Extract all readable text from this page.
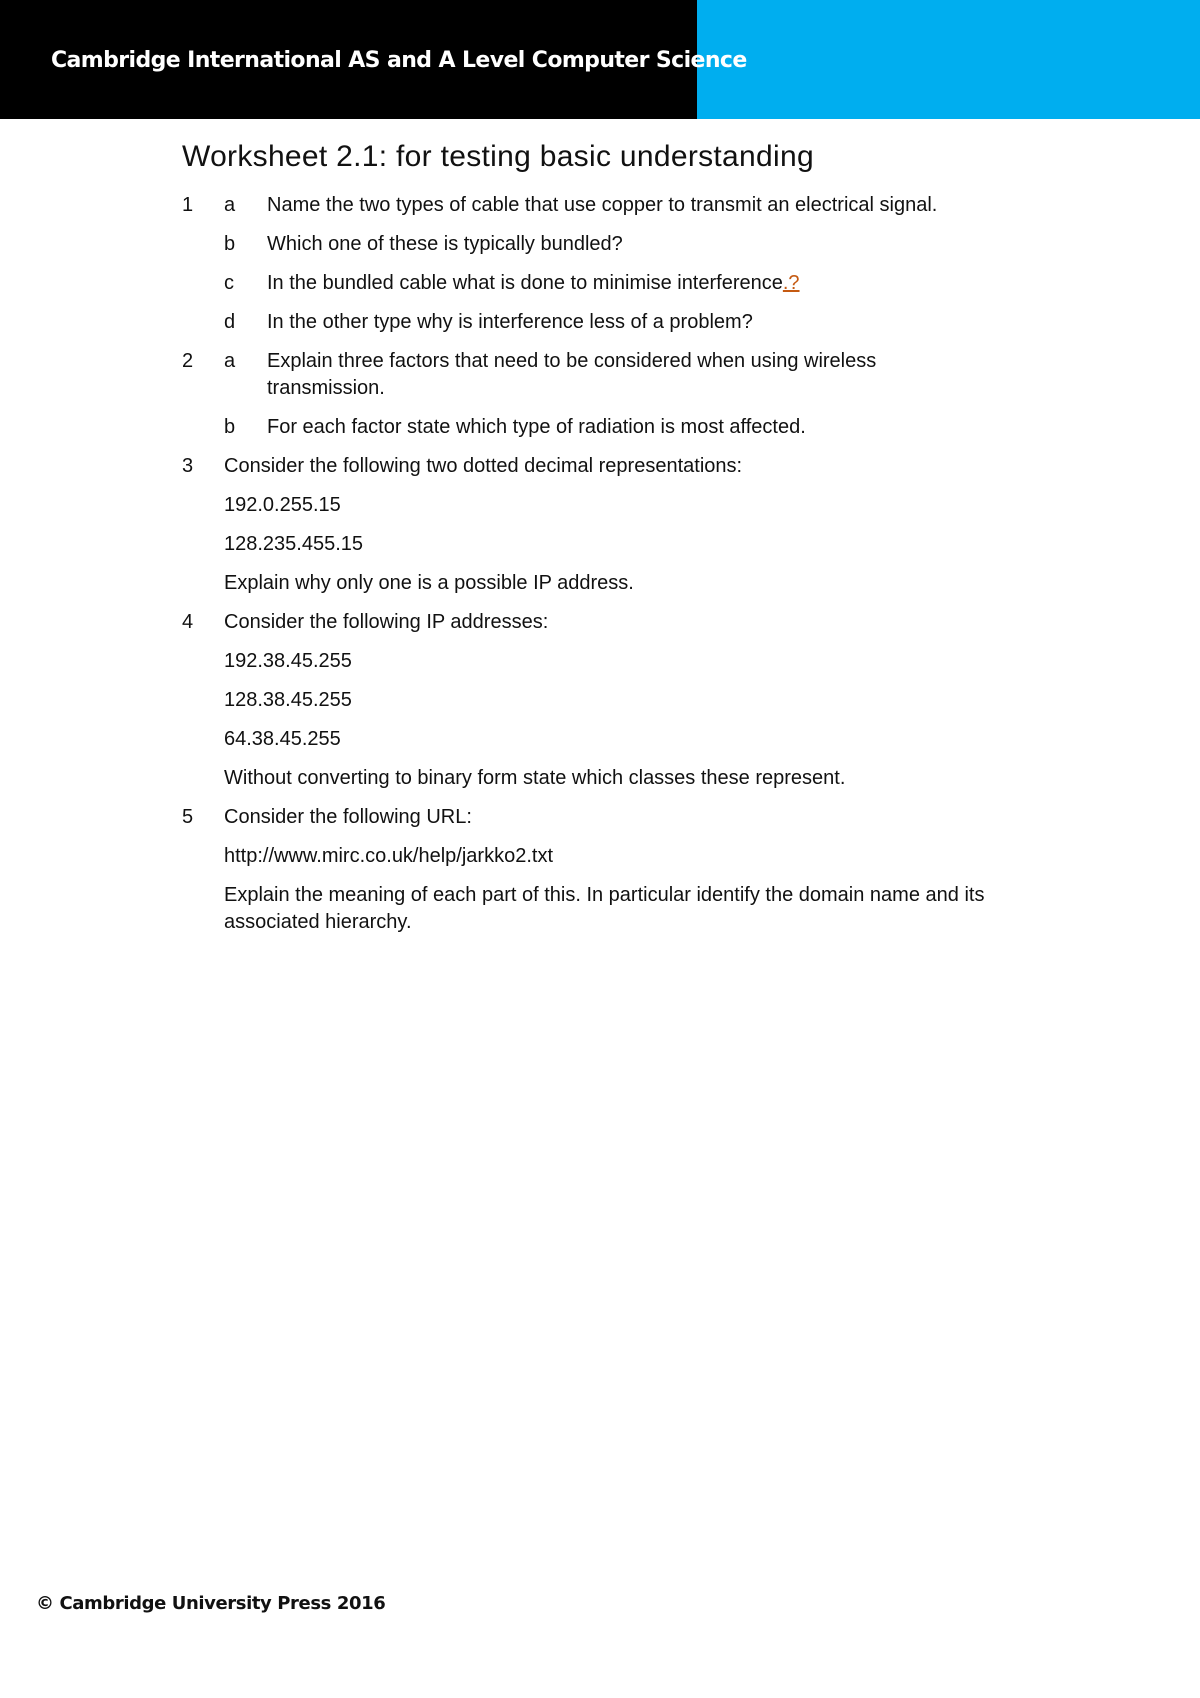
Cambridge International AS and A Level Computer Science
Worksheet 2.1: for testing basic understanding
1 a Name the two types of cable that use copper to transmit an electrical signal.
b Which one of these is typically bundled?
c In the bundled cable what is done to minimise interference.?
d In the other type why is interference less of a problem?
2 a Explain three factors that need to be considered when using wireless transmission.
b For each factor state which type of radiation is most affected.
3 Consider the following two dotted decimal representations:
192.0.255.15
128.235.455.15
Explain why only one is a possible IP address.
4 Consider the following IP addresses:
192.38.45.255
128.38.45.255
64.38.45.255
Without converting to binary form state which classes these represent.
5 Consider the following URL:
http://www.mirc.co.uk/help/jarkko2.txt
Explain the meaning of each part of this. In particular identify the domain name and its associated hierarchy.
© Cambridge University Press 2016
